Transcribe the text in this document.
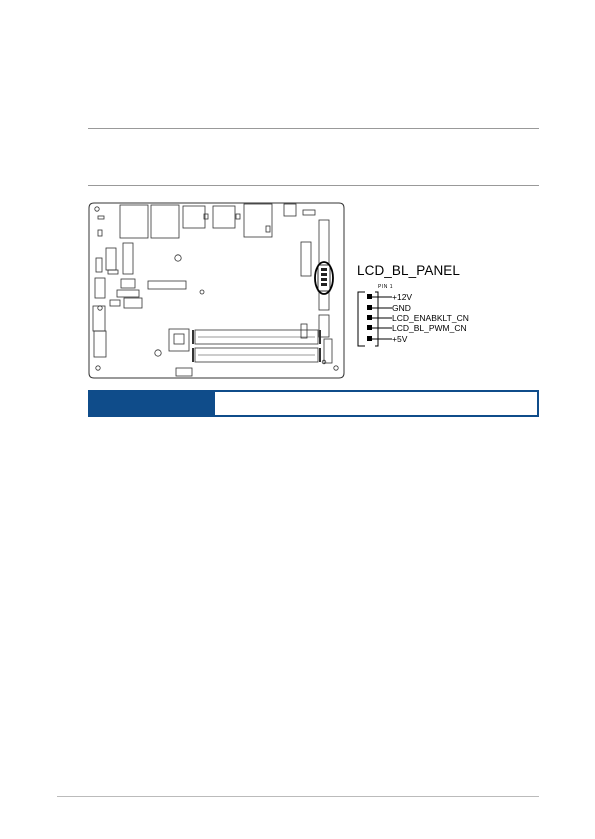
LCD_BL_PANEL
PIN 1
+12V
GND
LCD_ENABKLT_CN
LCD_BL_PWM_CN
+5V
